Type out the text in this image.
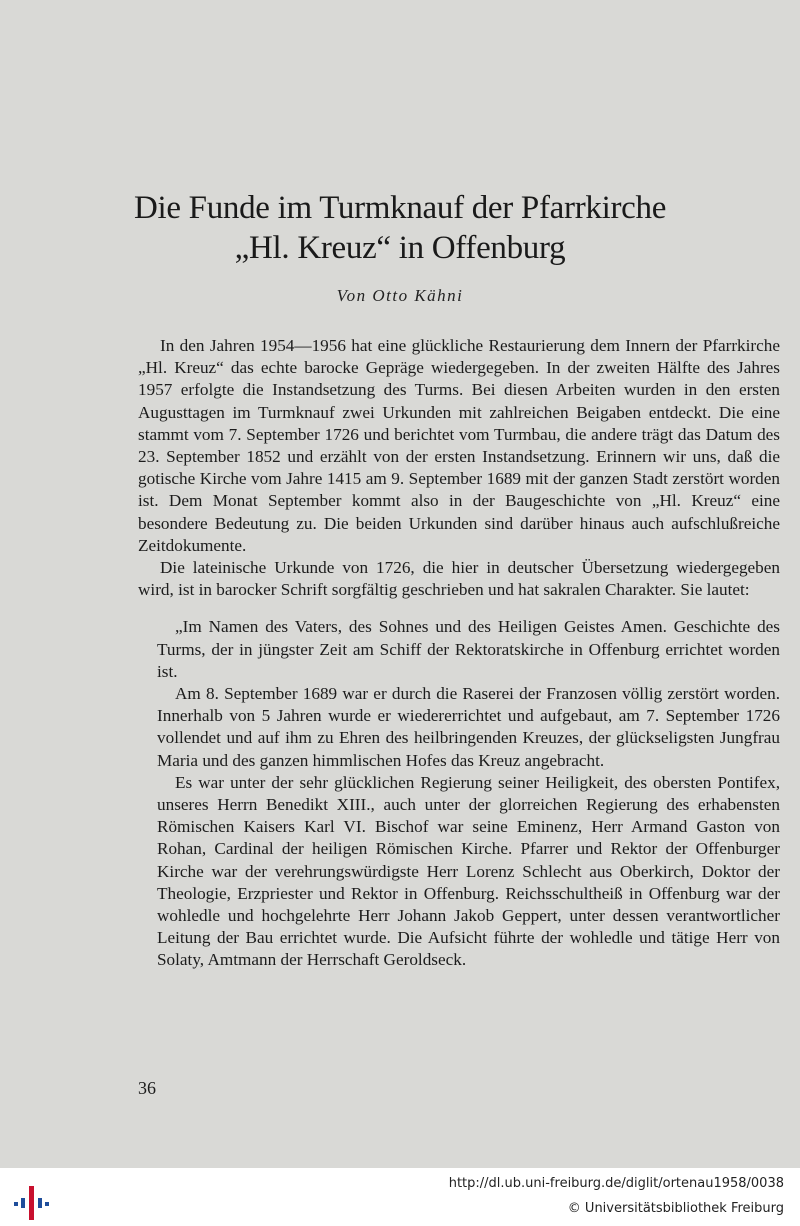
Die Funde im Turmknauf der Pfarrkirche
„Hl. Kreuz“ in Offenburg
Von Otto Kähni

In den Jahren 1954—1956 hat eine glückliche Restaurierung dem Innern der Pfarrkirche „Hl. Kreuz“ das echte barocke Gepräge wiedergegeben. In der zweiten Hälfte des Jahres 1957 erfolgte die Instandsetzung des Turms. Bei diesen Arbeiten wurden in den ersten Augusttagen im Turmknauf zwei Urkunden mit zahlreichen Beigaben entdeckt. Die eine stammt vom 7. September 1726 und berichtet vom Turmbau, die andere trägt das Datum des 23. September 1852 und erzählt von der ersten Instandsetzung. Erinnern wir uns, daß die gotische Kirche vom Jahre 1415 am 9. September 1689 mit der ganzen Stadt zerstört worden ist. Dem Monat September kommt also in der Baugeschichte von „Hl. Kreuz“ eine besondere Bedeutung zu. Die beiden Urkunden sind darüber hinaus auch aufschlußreiche Zeitdokumente.

Die lateinische Urkunde von 1726, die hier in deutscher Übersetzung wiedergegeben wird, ist in barocker Schrift sorgfältig geschrieben und hat sakralen Charakter. Sie lautet:

„Im Namen des Vaters, des Sohnes und des Heiligen Geistes Amen. Geschichte des Turms, der in jüngster Zeit am Schiff der Rektoratskirche in Offenburg errichtet worden ist.

Am 8. September 1689 war er durch die Raserei der Franzosen völlig zerstört worden. Innerhalb von 5 Jahren wurde er wiedererrichtet und aufgebaut, am 7. September 1726 vollendet und auf ihm zu Ehren des heilbringenden Kreuzes, der glückseligsten Jungfrau Maria und des ganzen himmlischen Hofes das Kreuz angebracht.

Es war unter der sehr glücklichen Regierung seiner Heiligkeit, des obersten Pontifex, unseres Herrn Benedikt XIII., auch unter der glorreichen Regierung des erhabensten Römischen Kaisers Karl VI. Bischof war seine Eminenz, Herr Armand Gaston von Rohan, Cardinal der heiligen Römischen Kirche. Pfarrer und Rektor der Offenburger Kirche war der verehrungswürdigste Herr Lorenz Schlecht aus Oberkirch, Doktor der Theologie, Erzpriester und Rektor in Offenburg. Reichsschultheiß in Offenburg war der wohledle und hochgelehrte Herr Johann Jakob Geppert, unter dessen verantwortlicher Leitung der Bau errichtet wurde. Die Aufsicht führte der wohledle und tätige Herr von Solaty, Amtmann der Herrschaft Geroldseck.

36
http://dl.ub.uni-freiburg.de/diglit/ortenau1958/0038
© Universitätsbibliothek Freiburg
